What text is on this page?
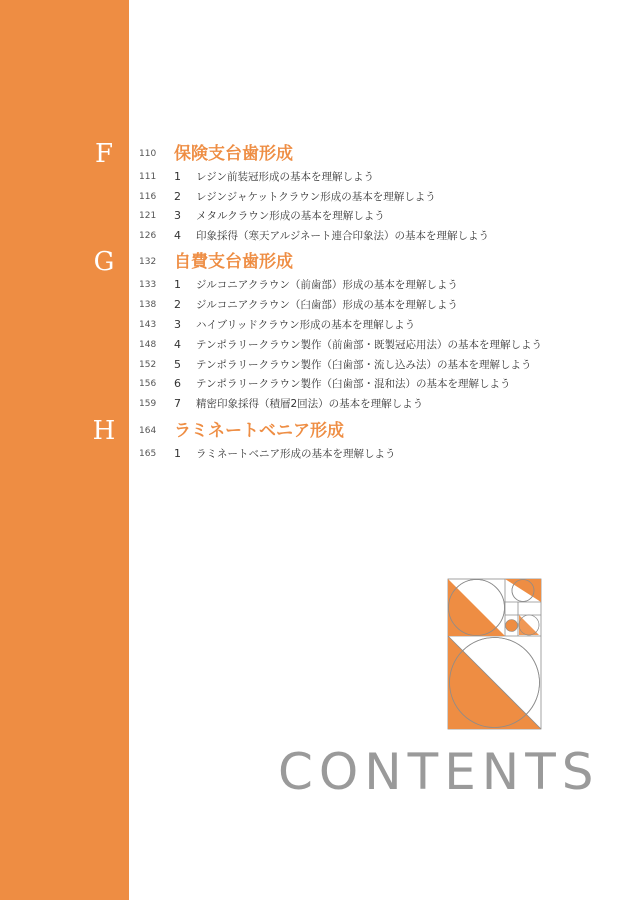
F	110	保険支台歯形成
111	1 レジン前装冠形成の基本を理解しよう
116	2 レジンジャケットクラウン形成の基本を理解しよう
121	3 メタルクラウン形成の基本を理解しよう
126	4 印象採得（寒天アルジネート連合印象法）の基本を理解しよう
G	132	自費支台歯形成
133	1 ジルコニアクラウン（前歯部）形成の基本を理解しよう
138	2 ジルコニアクラウン（臼歯部）形成の基本を理解しよう
143	3 ハイブリッドクラウン形成の基本を理解しよう
148	4 テンポラリークラウン製作（前歯部・既製冠応用法）の基本を理解しよう
152	5 テンポラリークラウン製作（臼歯部・流し込み法）の基本を理解しよう
156	6 テンポラリークラウン製作（臼歯部・混和法）の基本を理解しよう
159	7 精密印象採得（積層2回法）の基本を理解しよう
H	164	ラミネートベニア形成
165	1 ラミネートベニア形成の基本を理解しよう
CONTENTS
